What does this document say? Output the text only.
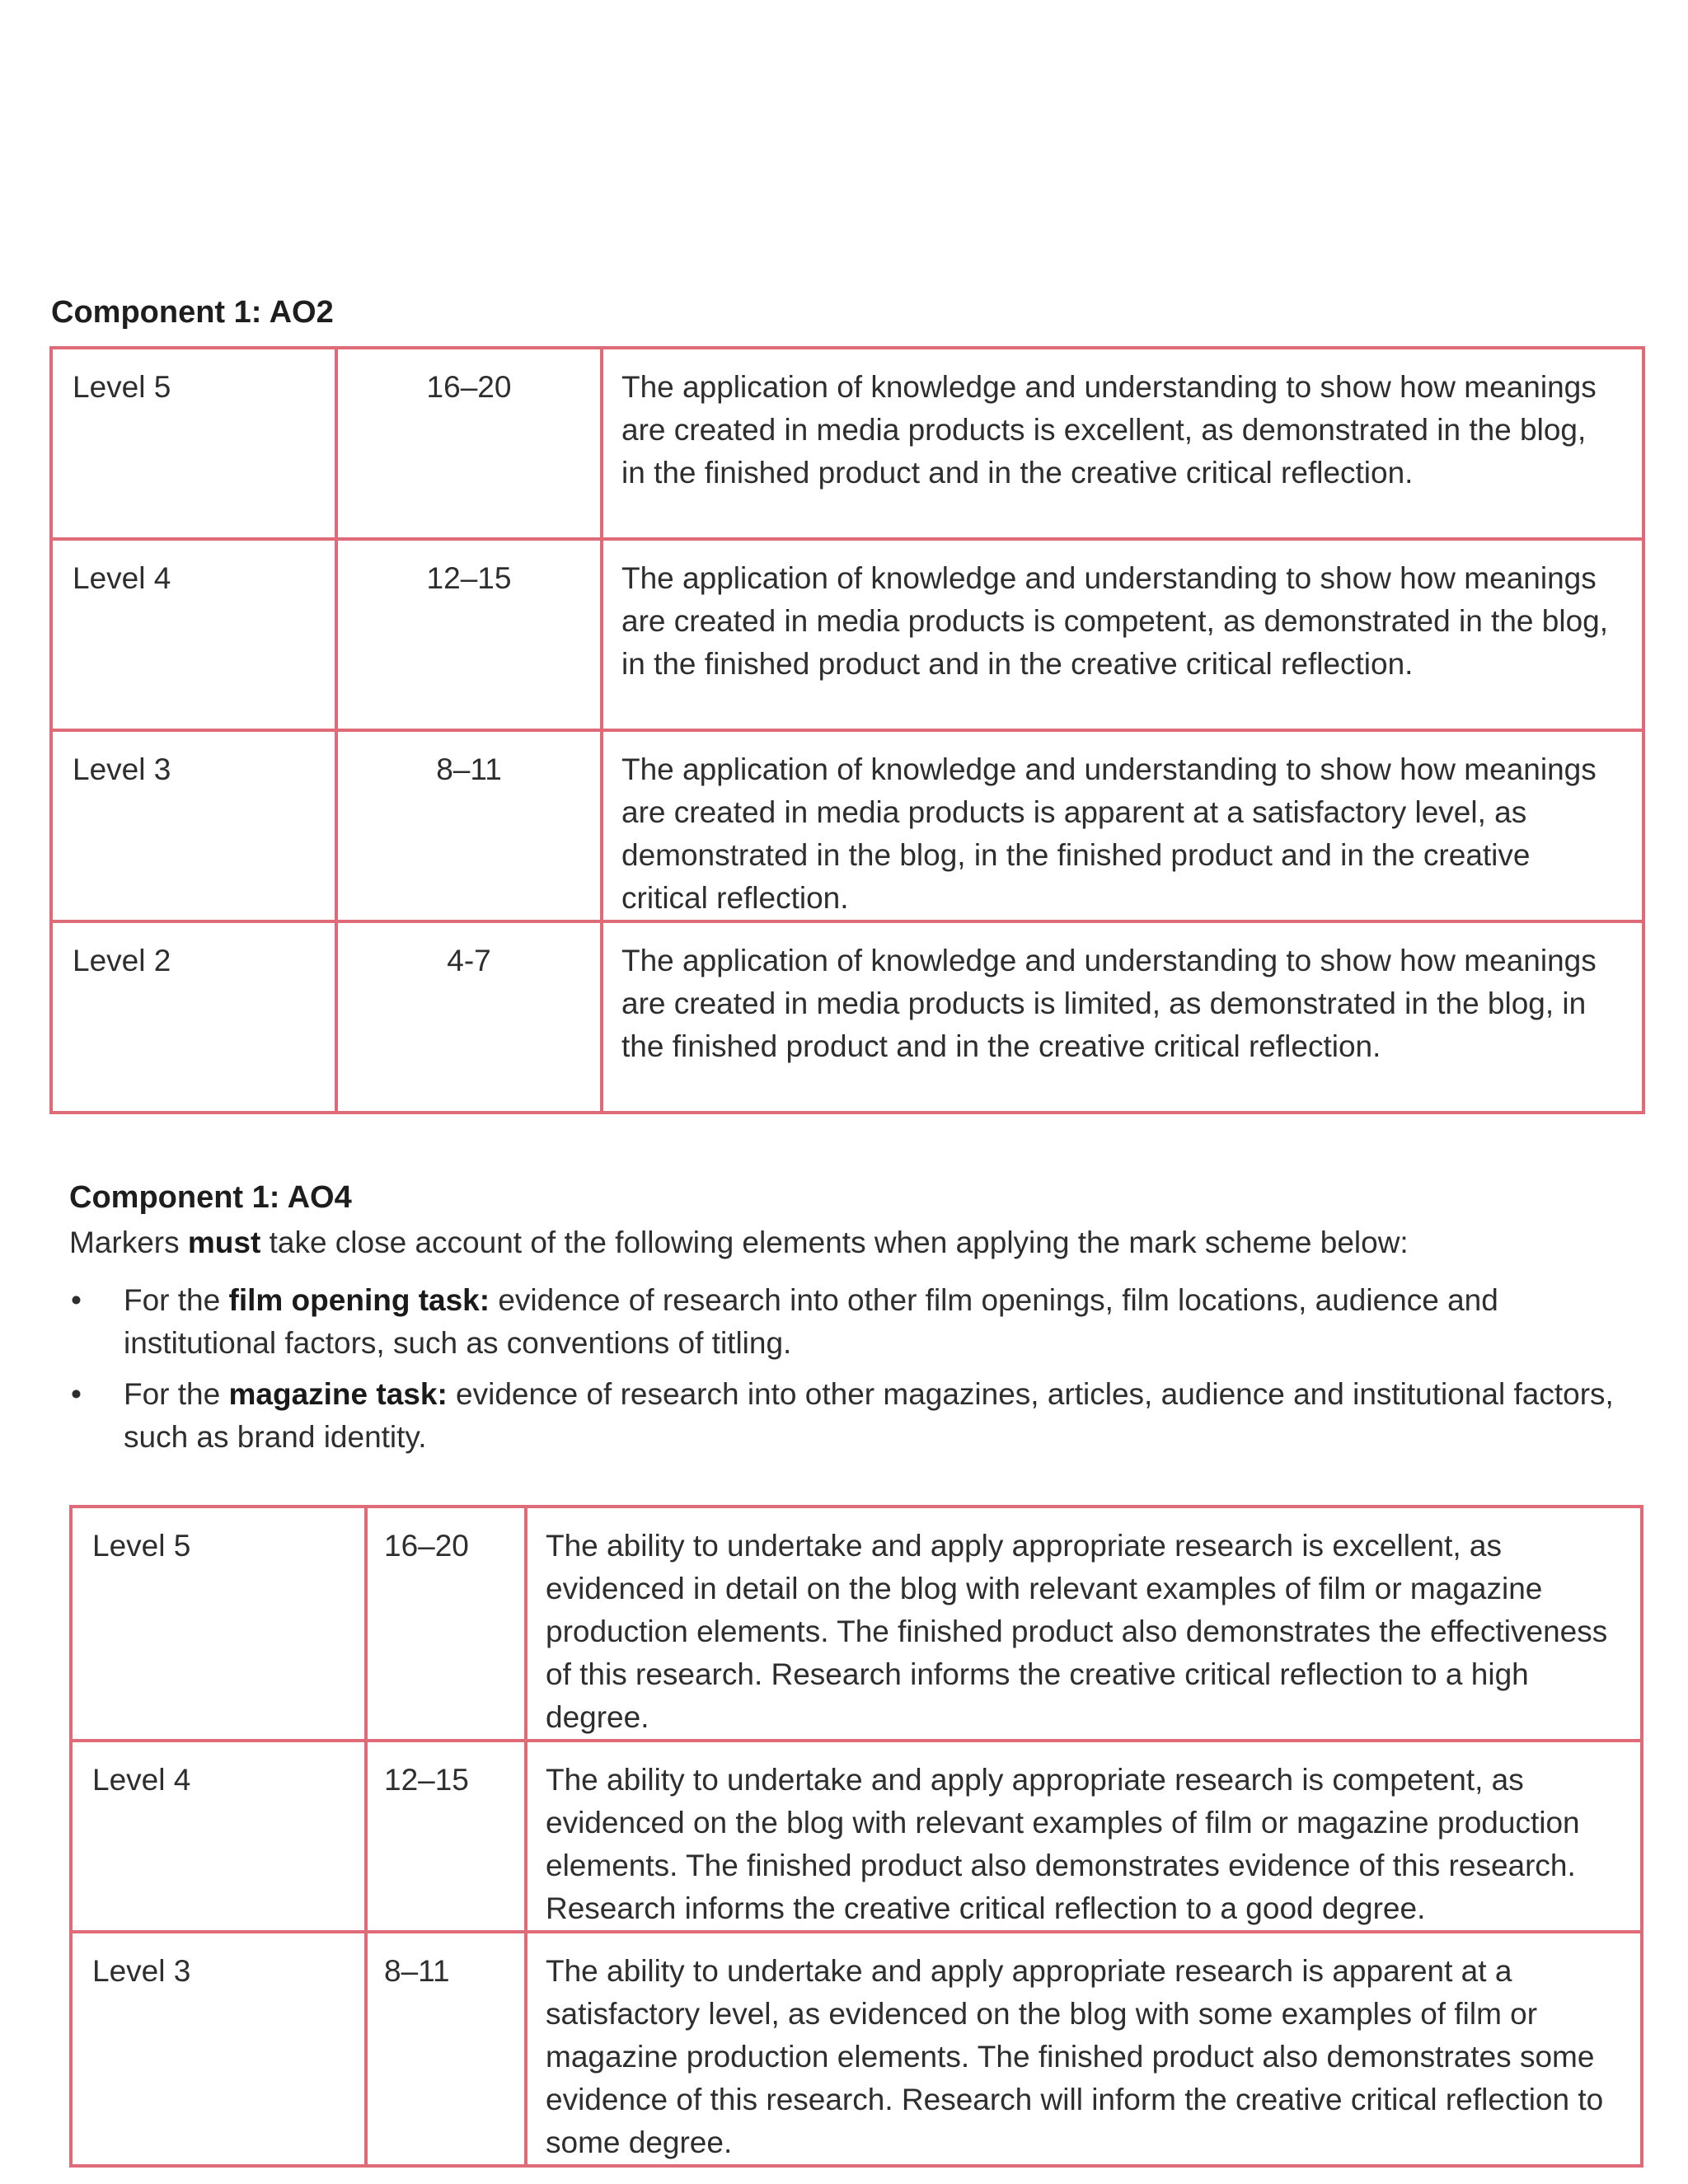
Component 1: AO2
Level 5	16–20	The application of knowledge and understanding to show how meanings are created in media products is excellent, as demonstrated in the blog, in the finished product and in the creative critical reflection.
Level 4	12–15	The application of knowledge and understanding to show how meanings are created in media products is competent, as demonstrated in the blog, in the finished product and in the creative critical reflection.
Level 3	8–11	The application of knowledge and understanding to show how meanings are created in media products is apparent at a satisfactory level, as demonstrated in the blog, in the finished product and in the creative critical reflection.
Level 2	4-7	The application of knowledge and understanding to show how meanings are created in media products is limited, as demonstrated in the blog, in the finished product and in the creative critical reflection.
Component 1: AO4

Markers must take close account of the following elements when applying the mark scheme below:

• For the film opening task: evidence of research into other film openings, film locations, audience and institutional factors, such as conventions of titling.
• For the magazine task: evidence of research into other magazines, articles, audience and institutional factors, such as brand identity.
Level 5	16–20	The ability to undertake and apply appropriate research is excellent, as evidenced in detail on the blog with relevant examples of film or magazine production elements. The finished product also demonstrates the effectiveness of this research. Research informs the creative critical reflection to a high degree.
Level 4	12–15	The ability to undertake and apply appropriate research is competent, as evidenced on the blog with relevant examples of film or magazine production elements. The finished product also demonstrates evidence of this research. Research informs the creative critical reflection to a good degree.
Level 3	8–11	The ability to undertake and apply appropriate research is apparent at a satisfactory level, as evidenced on the blog with some examples of film or magazine production elements. The finished product also demonstrates some evidence of this research. Research will inform the creative critical reflection to some degree.
